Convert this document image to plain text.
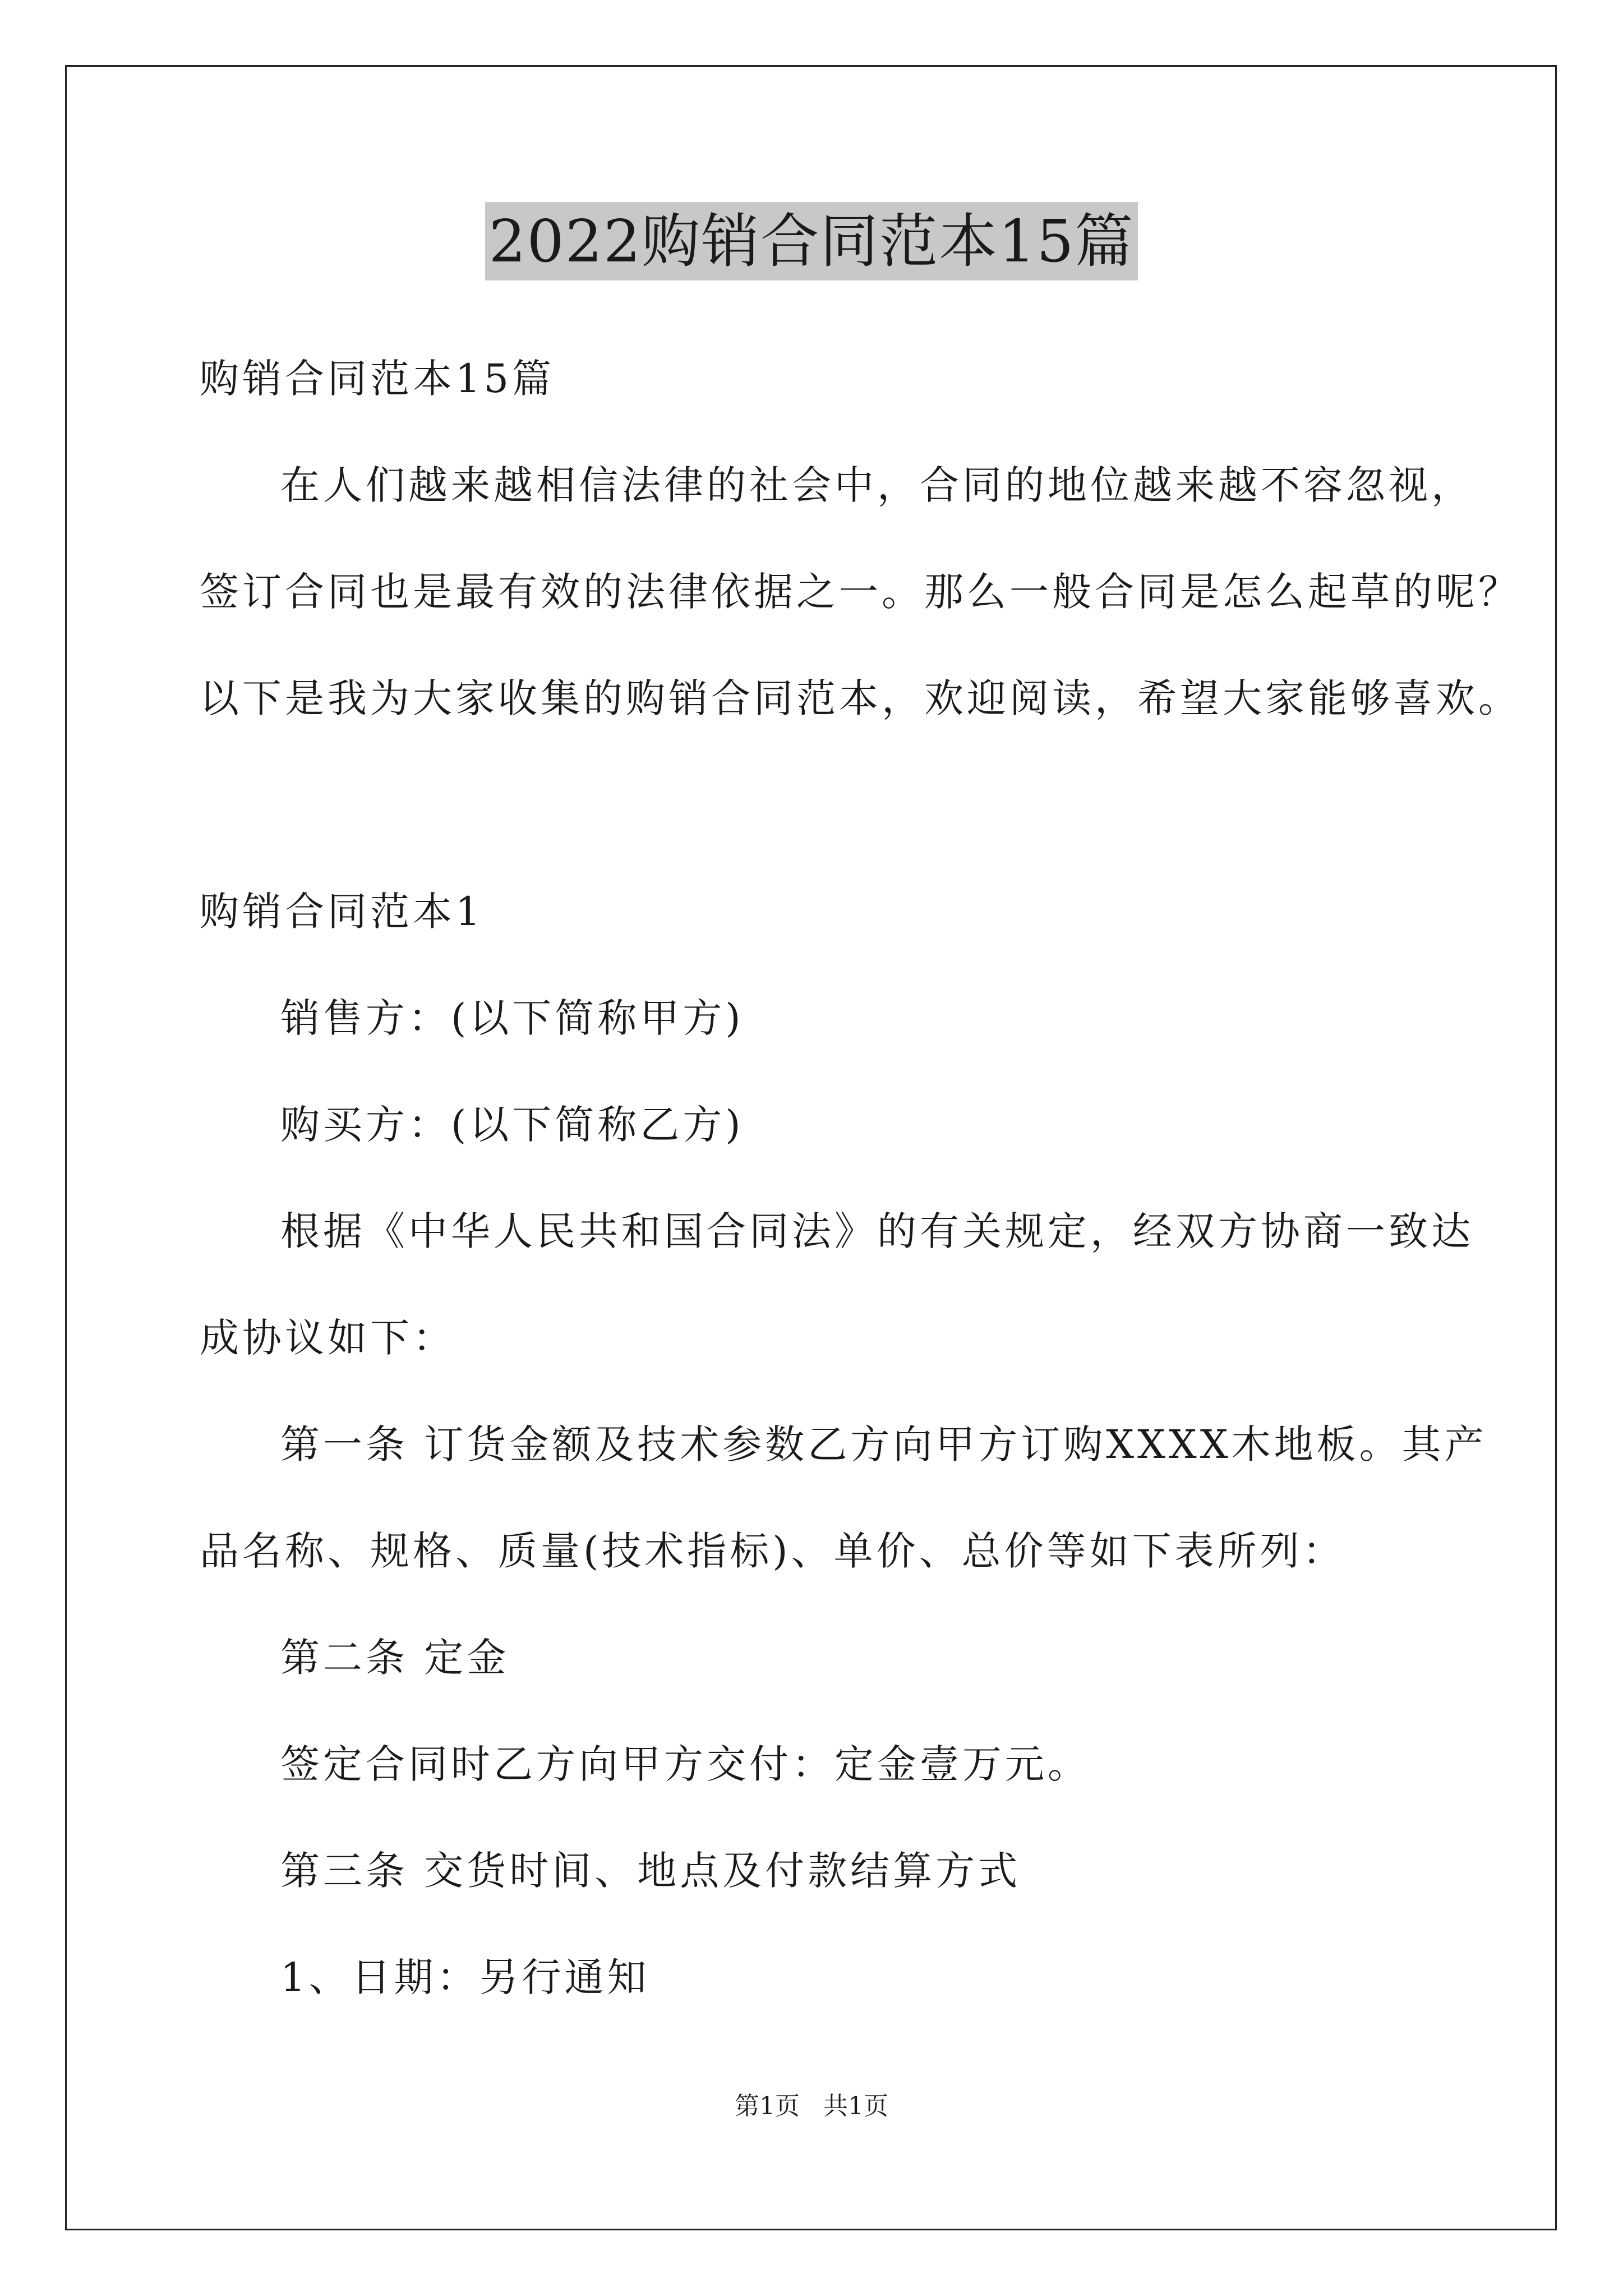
2022购销合同范本15篇
购销合同范本15篇
在人们越来越相信法律的社会中，合同的地位越来越不容忽视，
签订合同也是最有效的法律依据之一。那么一般合同是怎么起草的呢？
以下是我为大家收集的购销合同范本，欢迎阅读，希望大家能够喜欢。
购销合同范本1
销售方：(以下简称甲方)
购买方：(以下简称乙方)
根据《中华人民共和国合同法》的有关规定，经双方协商一致达
成协议如下：
第一条 订货金额及技术参数乙方向甲方订购XXXX木地板。其产
品名称、规格、质量(技术指标)、单价、总价等如下表所列：
第二条 定金
签定合同时乙方向甲方交付：定金壹万元。
第三条 交货时间、地点及付款结算方式
1、日期：另行通知
第1页   共1页
